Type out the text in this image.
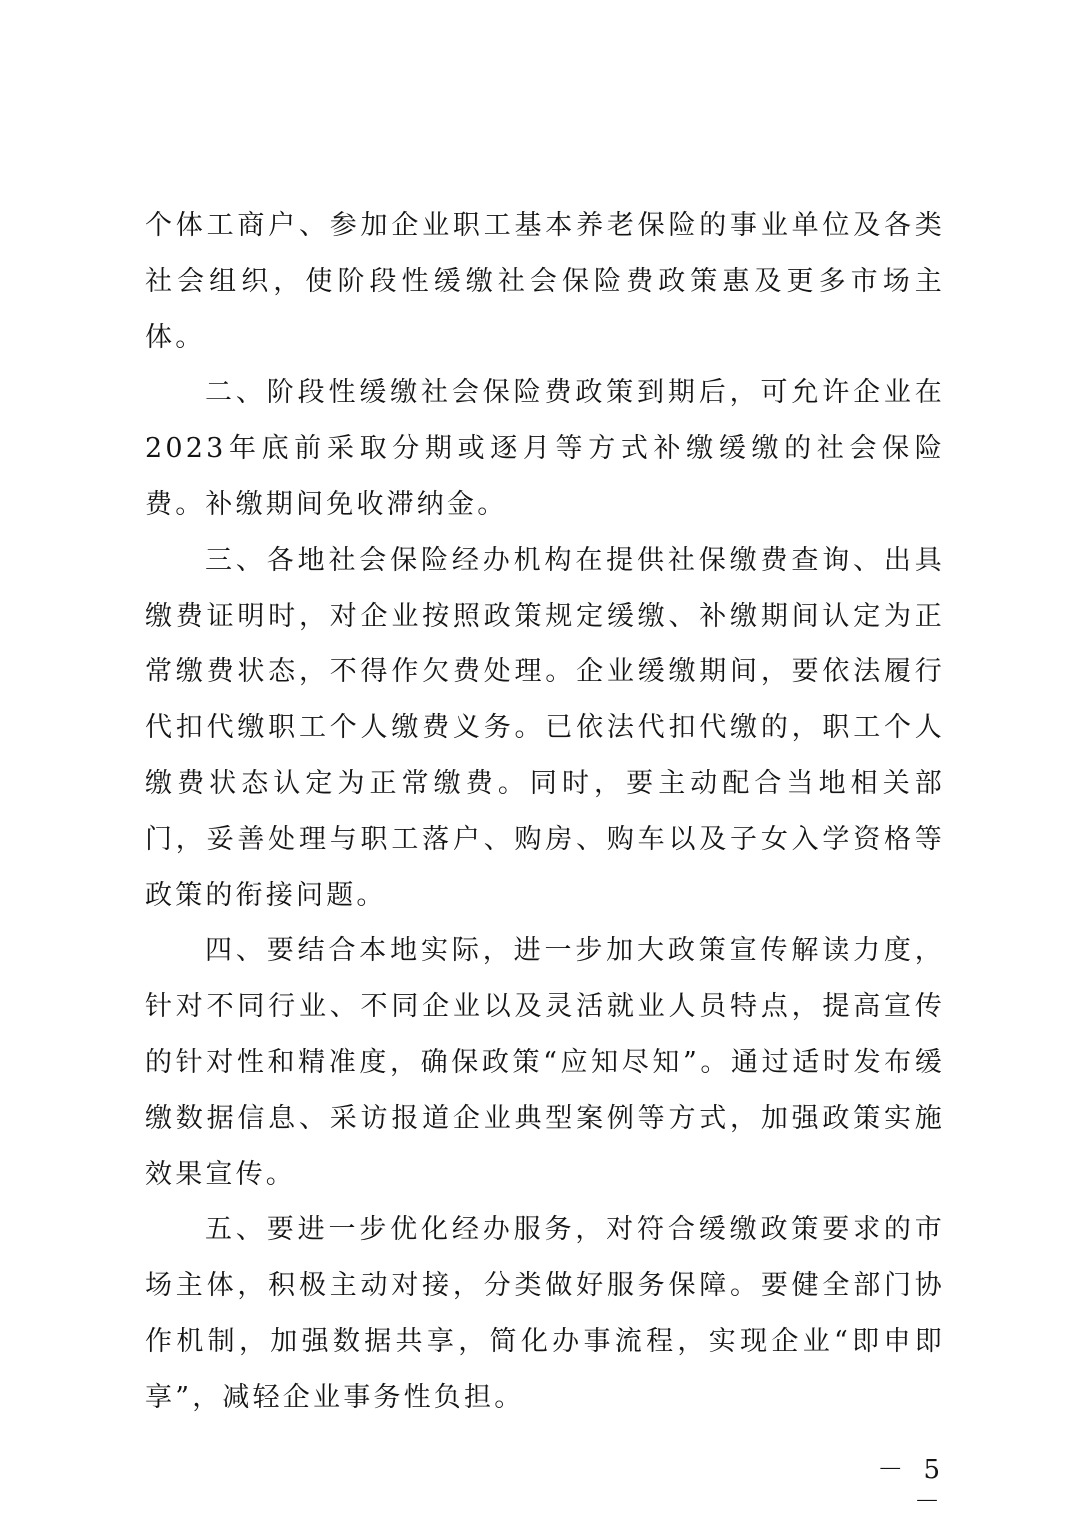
个体工商户、参加企业职工基本养老保险的事业单位及各类社会组织，使阶段性缓缴社会保险费政策惠及更多市场主体。

二、阶段性缓缴社会保险费政策到期后，可允许企业在2023年底前采取分期或逐月等方式补缴缓缴的社会保险费。补缴期间免收滞纳金。

三、各地社会保险经办机构在提供社保缴费查询、出具缴费证明时，对企业按照政策规定缓缴、补缴期间认定为正常缴费状态，不得作欠费处理。企业缓缴期间，要依法履行代扣代缴职工个人缴费义务。已依法代扣代缴的，职工个人缴费状态认定为正常缴费。同时，要主动配合当地相关部门，妥善处理与职工落户、购房、购车以及子女入学资格等政策的衔接问题。

四、要结合本地实际，进一步加大政策宣传解读力度，针对不同行业、不同企业以及灵活就业人员特点，提高宣传的针对性和精准度，确保政策“应知尽知”。通过适时发布缓缴数据信息、采访报道企业典型案例等方式，加强政策实施效果宣传。

五、要进一步优化经办服务，对符合缓缴政策要求的市场主体，积极主动对接，分类做好服务保障。要健全部门协作机制，加强数据共享，简化办事流程，实现企业“即申即享”，减轻企业事务性负担。

－ 5 －
